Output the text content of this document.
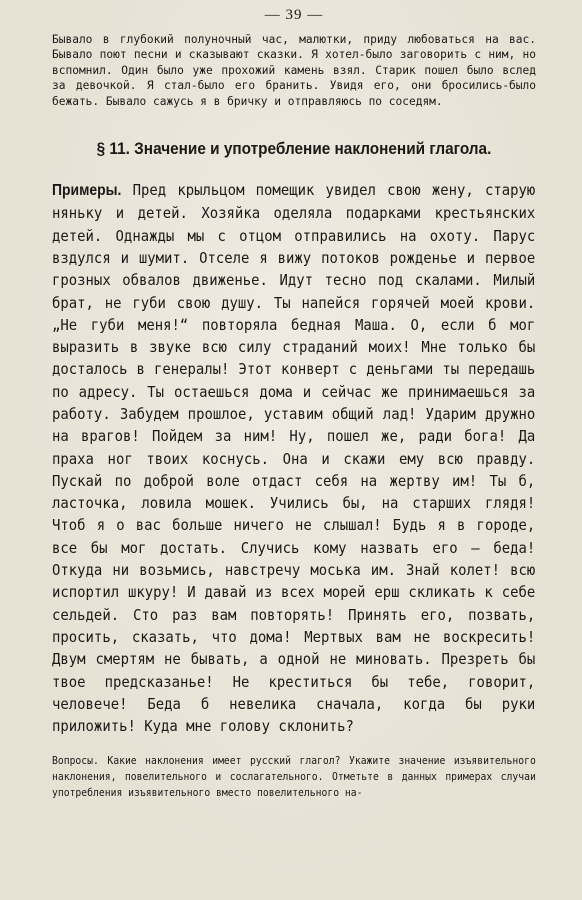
— 39 —

Бывало в глубокий полуночный час, малютки, приду любоваться на вас. Бывало поют песни и сказывают сказки. Я хотел-было заговорить с ним, но вспомнил. Один было уже прохожий камень взял. Старик пошел было вслед за девочкой. Я стал-было его бранить. Увидя его, они бросились-было бежать. Бывало сажусь я в бричку и отправляюсь по соседям.

§ 11. Значение и употребление наклонений глагола.

Примеры. Пред крыльцом помещик увидел свою жену, старую няньку и детей. Хозяйка оделяла подарками крестьянских детей. Однажды мы с отцом отправились на охоту. Парус вздулся и шумит. Отселе я вижу потоков рожденье и первое грозных обвалов движенье. Идут тесно под скалами. Милый брат, не губи свою душу. Ты напейся горячей моей крови. „Не губи меня!“ повторяла бедная Маша. О, если б мог выразить в звуке всю силу страданий моих! Мне только бы досталось в генералы! Этот конверт с деньгами ты передашь по адресу. Ты остаешься дома и сейчас же принимаешься за работу. Забудем прошлое, уставим общий лад! Ударим дружно на врагов! Пойдем за ним! Ну, пошел же, ради бога! Да праха ног твоих коснусь. Она и скажи ему всю правду. Пускай по доброй воле отдаст себя на жертву им! Ты б, ласточка, ловила мошек. Учились бы, на старших глядя! Чтоб я о вас больше ничего не слышал! Будь я в городе, все бы мог достать. Случись кому назвать его — беда! Откуда ни возьмись, навстречу моська им. Знай колет! всю испортил шкуру! И давай из всех морей ерш скликать к себе сельдей. Сто раз вам повторять! Принять его, позвать, просить, сказать, что дома! Мертвых вам не воскресить! Двум смертям не бывать, а одной не миновать. Презреть бы твое предсказанье! Не креститься бы тебе, говорит, человече! Беда б невелика сначала, когда бы руки приложить! Куда мне голову склонить?

Вопросы. Какие наклонения имеет русский глагол? Укажите значение изъявительного наклонения, повелительного и сослагательного. Отметьте в данных примерах случаи употребления изъявительного вместо повелительного на-
